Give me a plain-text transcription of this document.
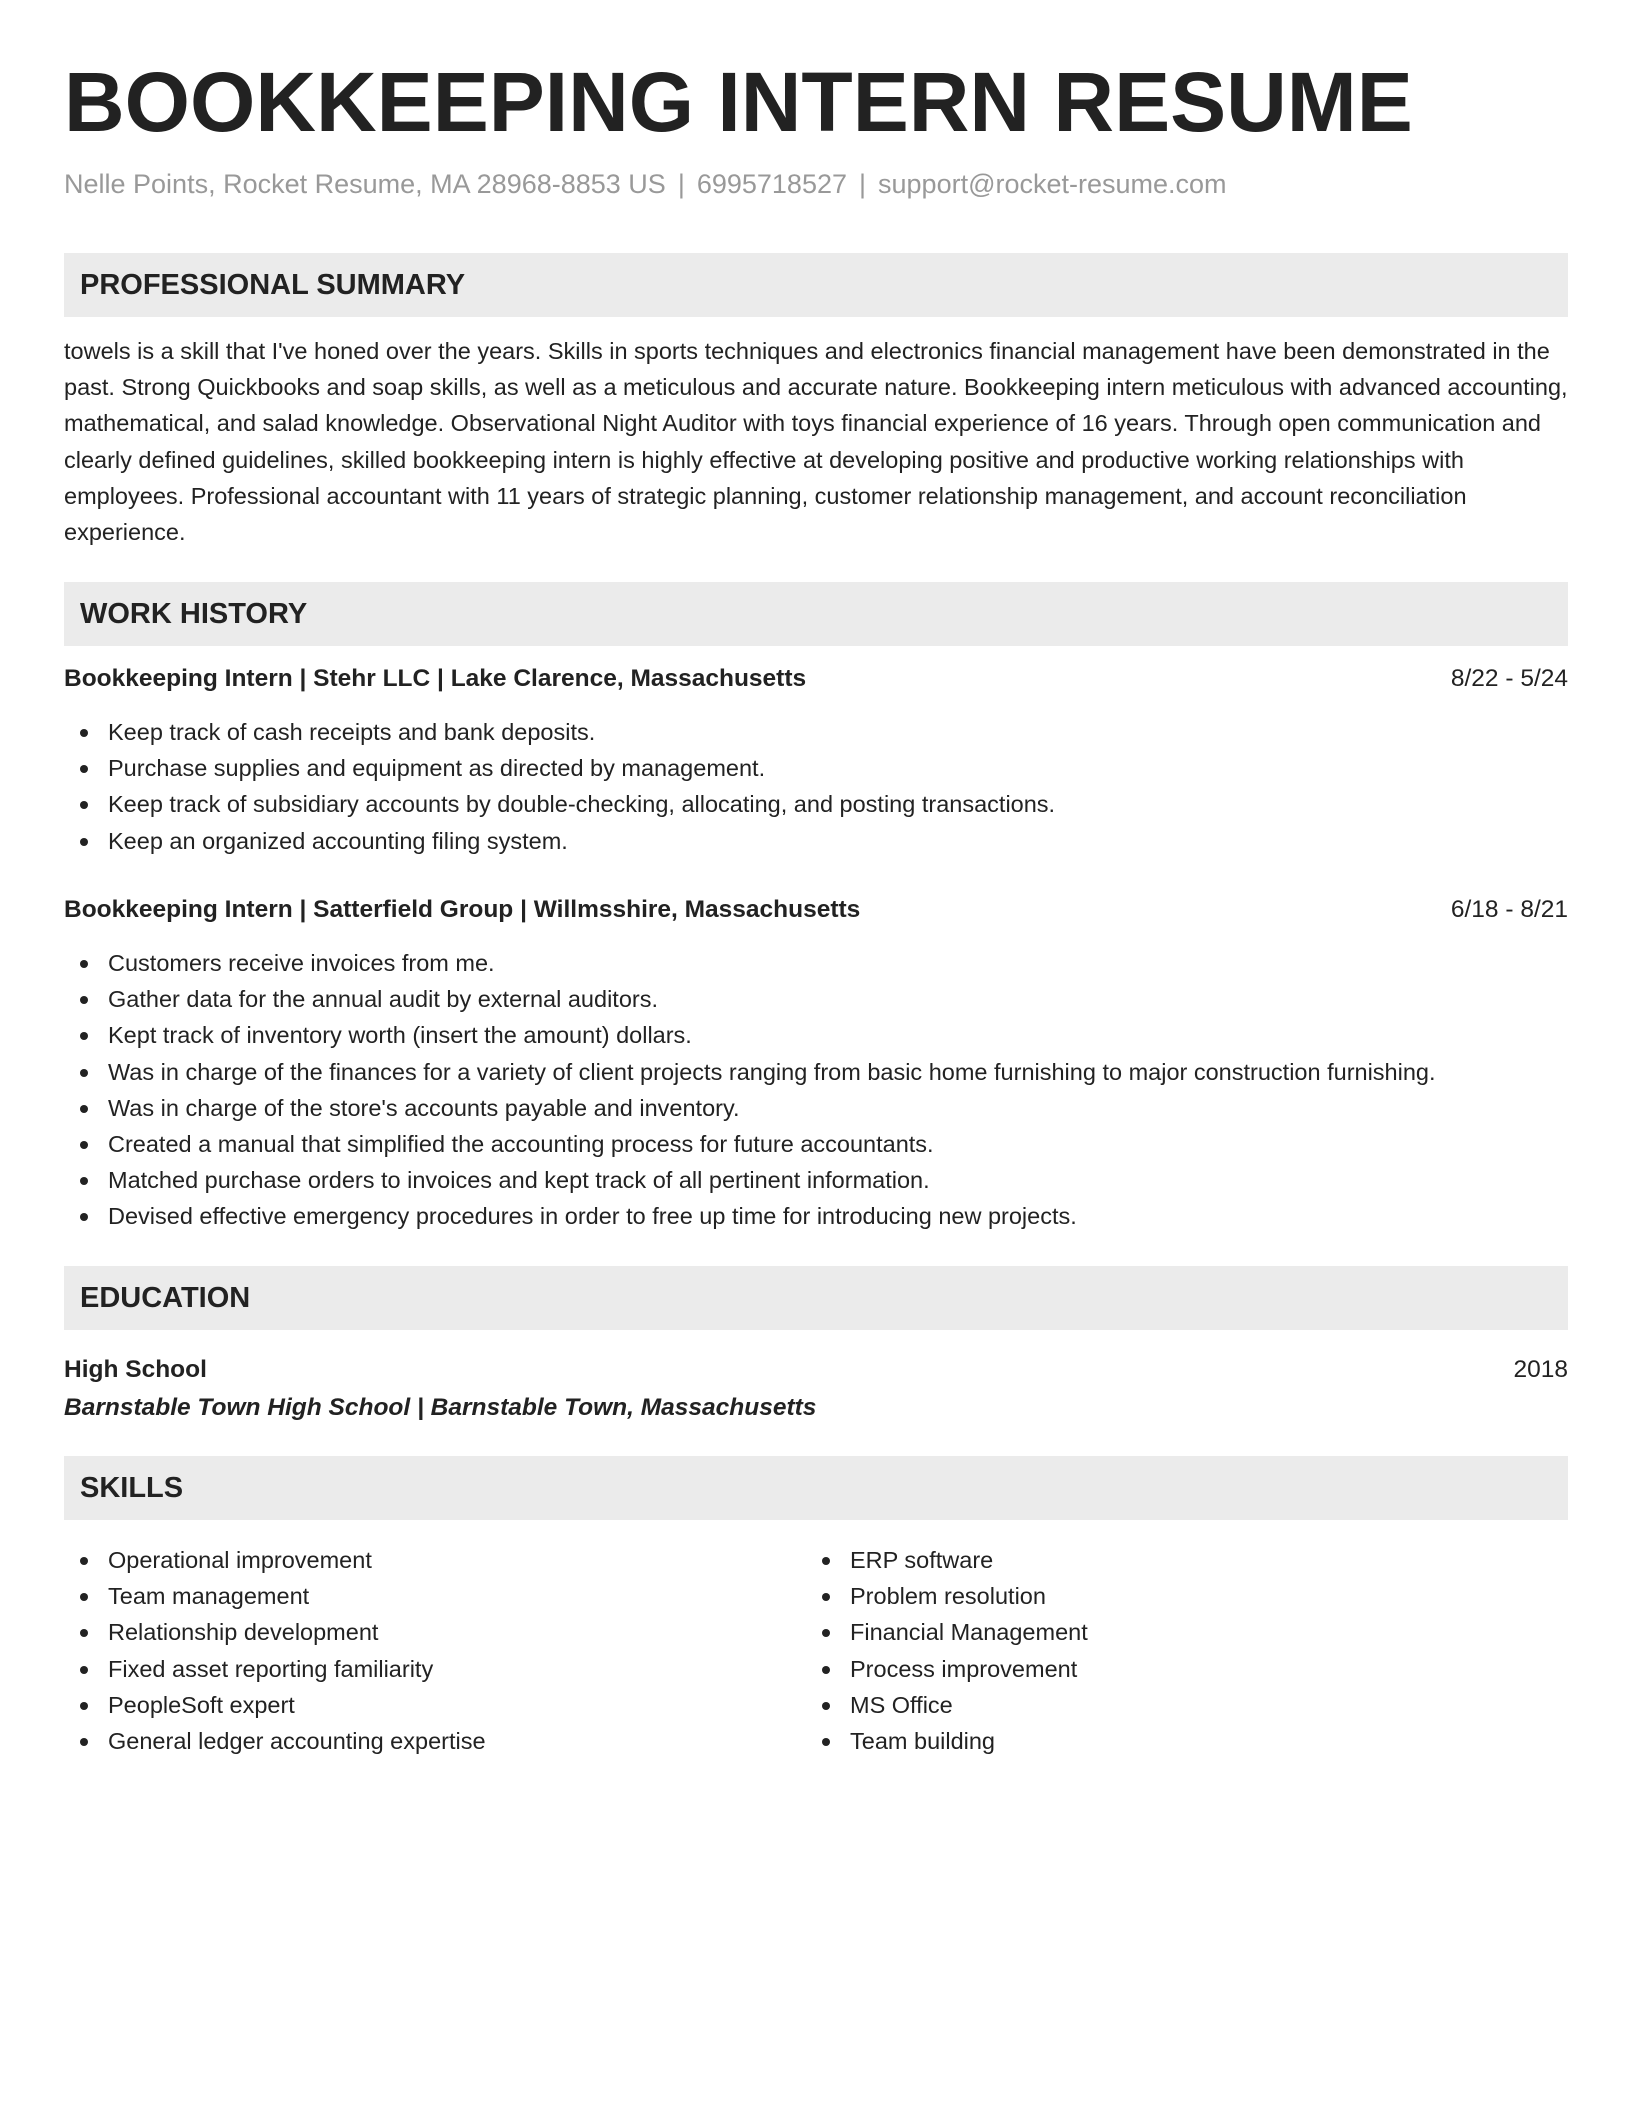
BOOKKEEPING INTERN RESUME
Nelle Points, Rocket Resume, MA 28968-8853 US | 6995718527 | support@rocket-resume.com
PROFESSIONAL SUMMARY
towels is a skill that I've honed over the years. Skills in sports techniques and electronics financial management have been demonstrated in the past. Strong Quickbooks and soap skills, as well as a meticulous and accurate nature. Bookkeeping intern meticulous with advanced accounting, mathematical, and salad knowledge. Observational Night Auditor with toys financial experience of 16 years. Through open communication and clearly defined guidelines, skilled bookkeeping intern is highly effective at developing positive and productive working relationships with employees. Professional accountant with 11 years of strategic planning, customer relationship management, and account reconciliation experience.
WORK HISTORY
Bookkeeping Intern | Stehr LLC | Lake Clarence, Massachusetts	8/22 - 5/24
Keep track of cash receipts and bank deposits.
Purchase supplies and equipment as directed by management.
Keep track of subsidiary accounts by double-checking, allocating, and posting transactions.
Keep an organized accounting filing system.
Bookkeeping Intern | Satterfield Group | Willmsshire, Massachusetts	6/18 - 8/21
Customers receive invoices from me.
Gather data for the annual audit by external auditors.
Kept track of inventory worth (insert the amount) dollars.
Was in charge of the finances for a variety of client projects ranging from basic home furnishing to major construction furnishing.
Was in charge of the store's accounts payable and inventory.
Created a manual that simplified the accounting process for future accountants.
Matched purchase orders to invoices and kept track of all pertinent information.
Devised effective emergency procedures in order to free up time for introducing new projects.
EDUCATION
High School	2018
Barnstable Town High School | Barnstable Town, Massachusetts
SKILLS
Operational improvement
Team management
Relationship development
Fixed asset reporting familiarity
PeopleSoft expert
General ledger accounting expertise
ERP software
Problem resolution
Financial Management
Process improvement
MS Office
Team building
